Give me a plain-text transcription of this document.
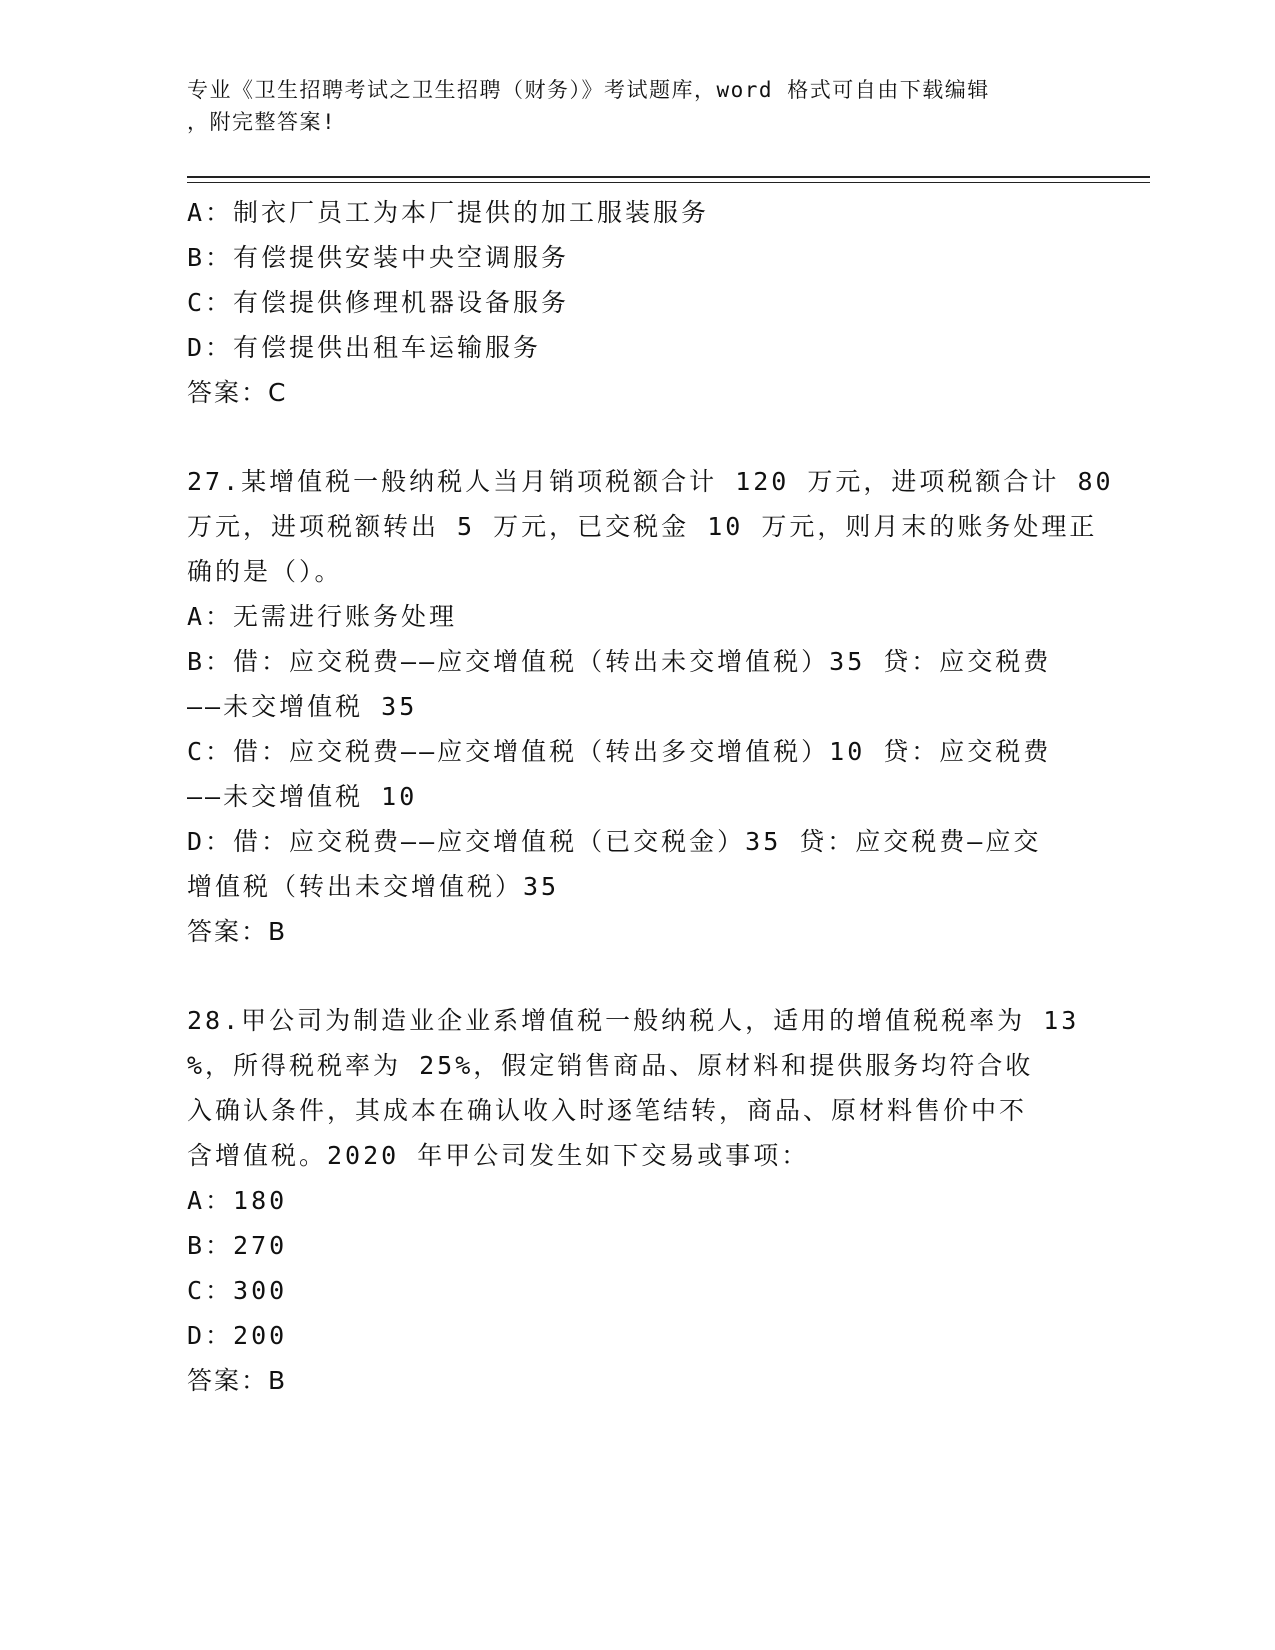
专业《卫生招聘考试之卫生招聘（财务）》考试题库，word 格式可自由下载编辑
，附完整答案!
A：制衣厂员工为本厂提供的加工服装服务
B：有偿提供安装中央空调服务
C：有偿提供修理机器设备服务
D：有偿提供出租车运输服务
答案：C
27.某增值税一般纳税人当月销项税额合计 120 万元，进项税额合计 80
万元，进项税额转出 5 万元，已交税金 10 万元，则月末的账务处理正
确的是（）。
A：无需进行账务处理
B：借：应交税费——应交增值税（转出未交增值税）35 贷：应交税费
——未交增值税 35
C：借：应交税费——应交增值税（转出多交增值税）10 贷：应交税费
——未交增值税 10
D：借：应交税费——应交增值税（已交税金）35 贷：应交税费—应交
增值税（转出未交增值税）35
答案：B
28.甲公司为制造业企业系增值税一般纳税人，适用的增值税税率为 13
%，所得税税率为 25%，假定销售商品、原材料和提供服务均符合收
入确认条件，其成本在确认收入时逐笔结转，商品、原材料售价中不
含增值税。2020 年甲公司发生如下交易或事项：
A：180
B：270
C：300
D：200
答案：B
